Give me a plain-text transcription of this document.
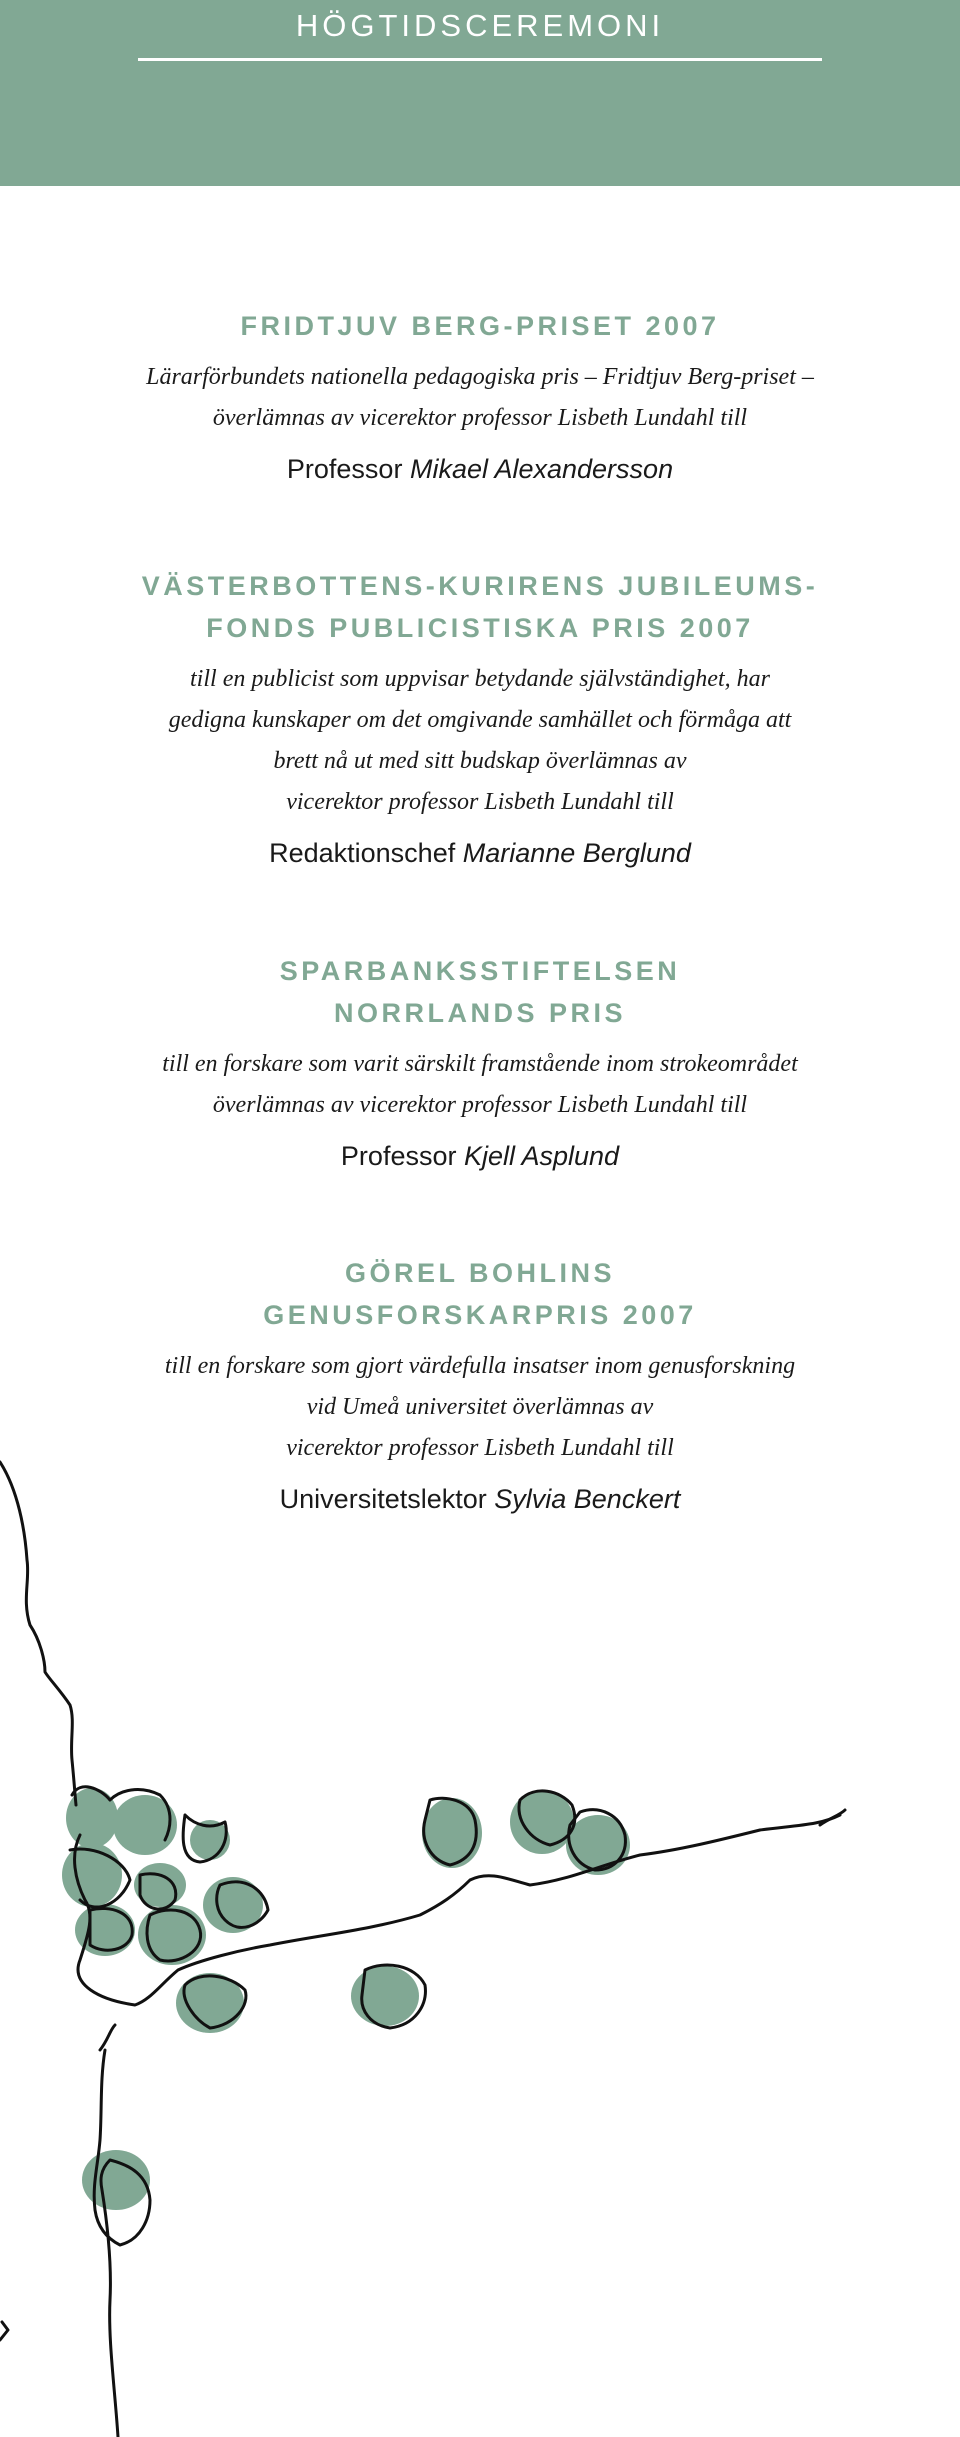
HÖGTIDSCEREMONI
FRIDTJUV BERG-PRISET 2007

Lärarförbundets nationella pedagogiska pris – Fridtjuv Berg-priset –
överlämnas av vicerektor professor Lisbeth Lundahl till

Professor Mikael Alexandersson

VÄSTERBOTTENS-KURIRENS JUBILEUMS-
FONDS PUBLICISTISKA PRIS 2007

till en publicist som uppvisar betydande självständighet, har
gedigna kunskaper om det omgivande samhället och förmåga att
brett nå ut med sitt budskap överlämnas av
vicerektor professor Lisbeth Lundahl till

Redaktionschef Marianne Berglund

SPARBANKSSTIFTELSEN
NORRLANDS PRIS

till en forskare som varit särskilt framstående inom strokeområdet
överlämnas av vicerektor professor Lisbeth Lundahl till

Professor Kjell Asplund

GÖREL BOHLINS
GENUSFORSKARPRIS 2007

till en forskare som gjort värdefulla insatser inom genusforskning
vid Umeå universitet överlämnas av
vicerektor professor Lisbeth Lundahl till

Universitetslektor Sylvia Benckert
